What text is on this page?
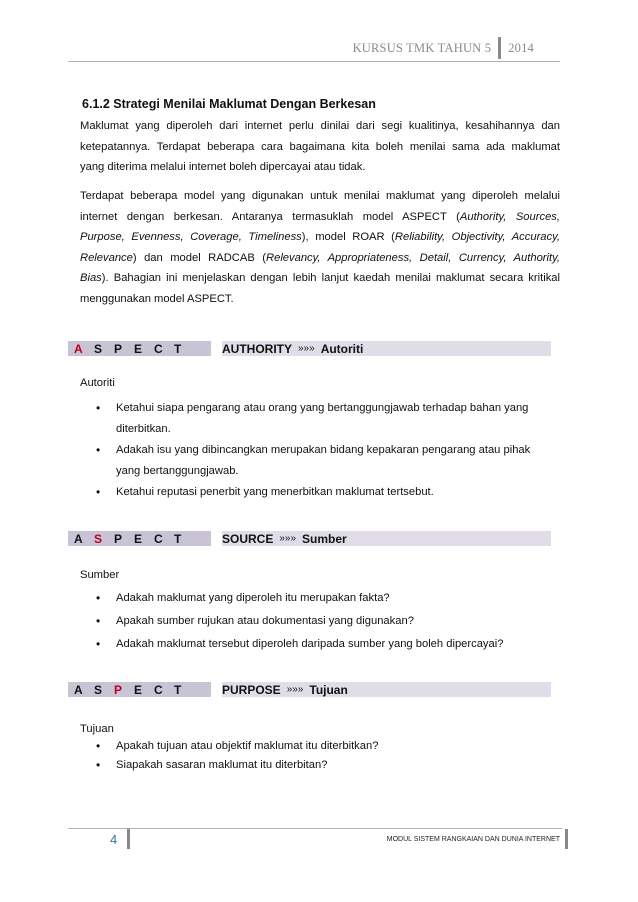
KURSUS TMK TAHUN 5 2014
6.1.2 Strategi Menilai Maklumat Dengan Berkesan

Maklumat yang diperoleh dari internet perlu dinilai dari segi kualitinya, kesahihannya dan
ketepatannya. Terdapat beberapa cara bagaimana kita boleh menilai sama ada maklumat
yang diterima melalui internet boleh dipercayai atau tidak.

Terdapat beberapa model yang digunakan untuk menilai maklumat yang diperoleh melalui
internet dengan berkesan. Antaranya termasuklah model ASPECT (Authority, Sources,
Purpose, Evenness, Coverage, Timeliness), model ROAR (Reliability, Objectivity, Accuracy,
Relevance) dan model RADCAB (Relevancy, Appropriateness, Detail, Currency, Authority,
Bias). Bahagian ini menjelaskan dengan lebih lanjut kaedah menilai maklumat secara kritikal
menggunakan model ASPECT.

A S P E C T	AUTHORITY »»» Autoriti
Autoriti
• Ketahui siapa pengarang atau orang yang bertanggungjawab terhadap bahan yang
diterbitkan.
• Adakah isu yang dibincangkan merupakan bidang kepakaran pengarang atau pihak
yang bertanggungjawab.
• Ketahui reputasi penerbit yang menerbitkan maklumat tertsebut.
A S P E C T	SOURCE »»» Sumber
Sumber
• Adakah maklumat yang diperoleh itu merupakan fakta?
• Apakah sumber rujukan atau dokumentasi yang digunakan?
• Adakah maklumat tersebut diperoleh daripada sumber yang boleh dipercayai?
A S P E C T	PURPOSE »»» Tujuan
Tujuan
• Apakah tujuan atau objektif maklumat itu diterbitkan?
• Siapakah sasaran maklumat itu diterbitan?
4	MODUL SISTEM RANGKAIAN DAN DUNIA INTERNET
